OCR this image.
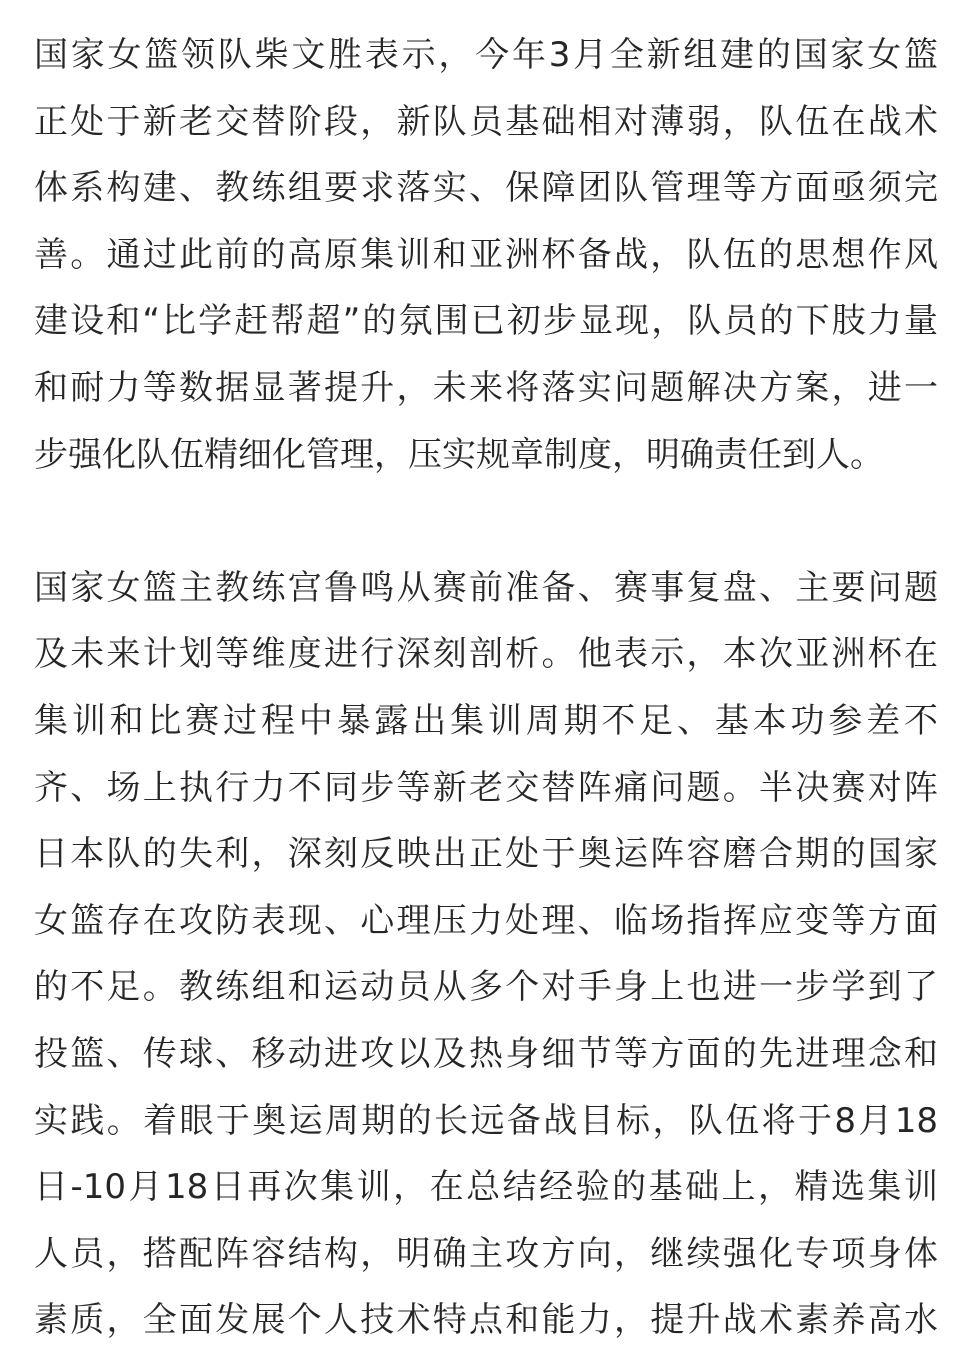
国家女篮领队柴文胜表示，今年3月全新组建的国家女篮
正处于新老交替阶段，新队员基础相对薄弱，队伍在战术
体系构建、教练组要求落实、保障团队管理等方面亟须完
善。通过此前的高原集训和亚洲杯备战，队伍的思想作风
建设和“比学赶帮超”的氛围已初步显现，队员的下肢力量
和耐力等数据显著提升，未来将落实问题解决方案，进一
步强化队伍精细化管理，压实规章制度，明确责任到人。
国家女篮主教练宫鲁鸣从赛前准备、赛事复盘、主要问题
及未来计划等维度进行深刻剖析。他表示，本次亚洲杯在
集训和比赛过程中暴露出集训周期不足、基本功参差不
齐、场上执行力不同步等新老交替阵痛问题。半决赛对阵
日本队的失利，深刻反映出正处于奥运阵容磨合期的国家
女篮存在攻防表现、心理压力处理、临场指挥应变等方面
的不足。教练组和运动员从多个对手身上也进一步学到了
投篮、传球、移动进攻以及热身细节等方面的先进理念和
实践。着眼于奥运周期的长远备战目标，队伍将于8月18
日-10月18日再次集训，在总结经验的基础上，精选集训
人员，搭配阵容结构，明确主攻方向，继续强化专项身体
素质，全面发展个人技术特点和能力，提升战术素养高水
